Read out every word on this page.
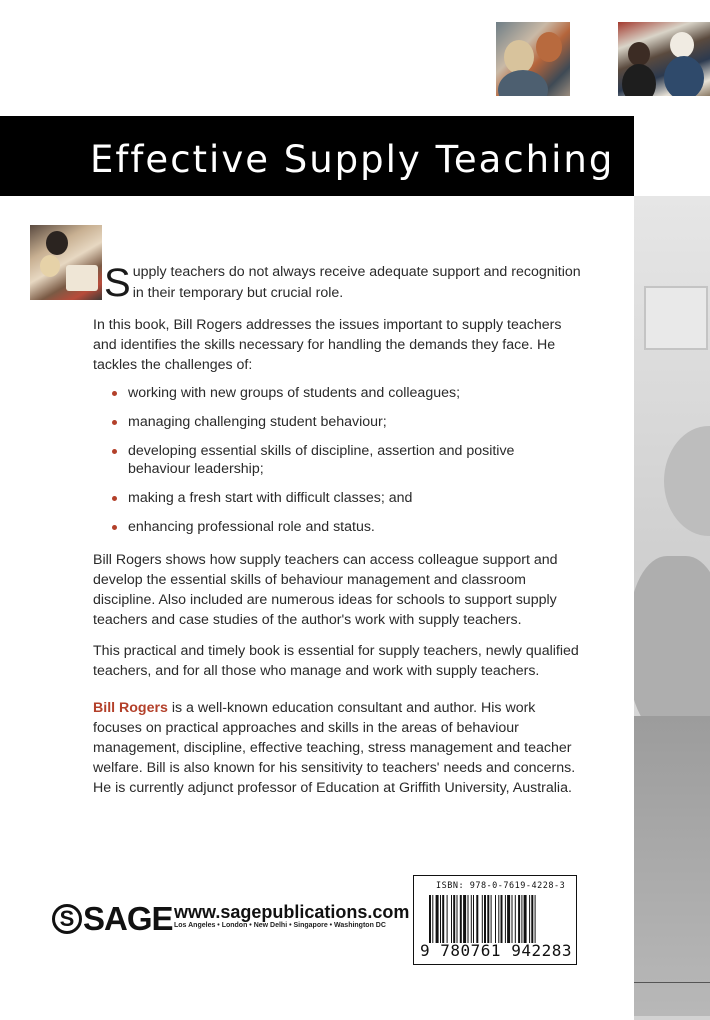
Effective Supply Teaching
S upply teachers do not always receive adequate support and recognition in their temporary but crucial role.

In this book, Bill Rogers addresses the issues important to supply teachers and identifies the skills necessary for handling the demands they face. He tackles the challenges of:

working with new groups of students and colleagues;
managing challenging student behaviour;
developing essential skills of discipline, assertion and positive behaviour leadership;
making a fresh start with difficult classes; and
enhancing professional role and status.

Bill Rogers shows how supply teachers can access colleague support and develop the essential skills of behaviour management and classroom discipline. Also included are numerous ideas for schools to support supply teachers and case studies of the author's work with supply teachers.

This practical and timely book is essential for supply teachers, newly qualified teachers, and for all those who manage and work with supply teachers.

Bill Rogers is a well-known education consultant and author. His work focuses on practical approaches and skills in the areas of behaviour management, discipline, effective teaching, stress management and teacher welfare. Bill is also known for his sensitivity to teachers' needs and concerns. He is currently adjunct professor of Education at Griffith University, Australia.

S SAGE www.sagepublications.com
Los Angeles • London • New Delhi • Singapore • Washington DC
ISBN: 978-0-7619-4228-3
9 780761 942283
